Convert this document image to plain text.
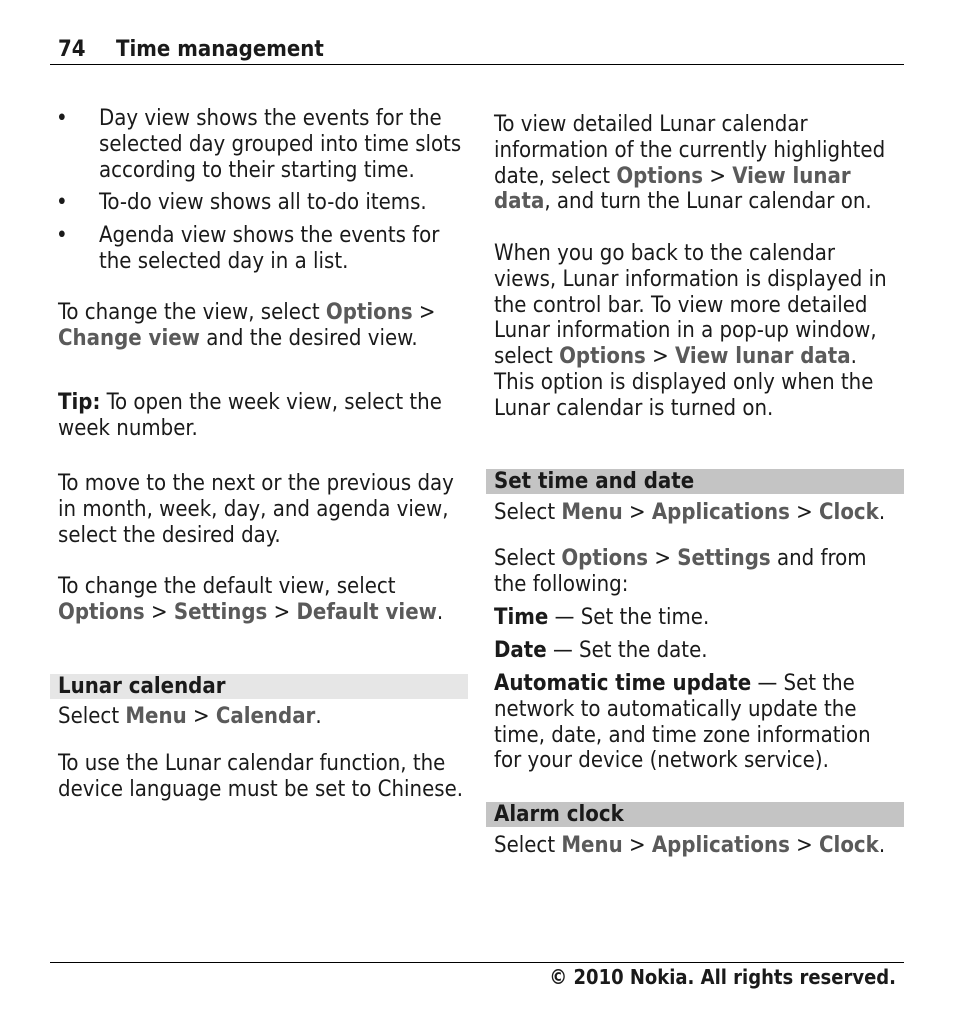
74 Time management
• Day view shows the events for the selected day grouped into time slots according to their starting time.
• To-do view shows all to-do items.
• Agenda view shows the events for the selected day in a list.

To change the view, select Options > Change view and the desired view.

Tip: To open the week view, select the week number.

To move to the next or the previous day in month, week, day, and agenda view, select the desired day.

To change the default view, select Options > Settings > Default view.

Lunar calendar

Select Menu > Calendar.

To use the Lunar calendar function, the device language must be set to Chinese.

To view detailed Lunar calendar information of the currently highlighted date, select Options > View lunar data, and turn the Lunar calendar on.

When you go back to the calendar views, Lunar information is displayed in the control bar. To view more detailed Lunar information in a pop-up window, select Options > View lunar data. This option is displayed only when the Lunar calendar is turned on.

Set time and date

Select Menu > Applications > Clock.

Select Options > Settings and from the following:

Time — Set the time.

Date — Set the date.

Automatic time update — Set the network to automatically update the time, date, and time zone information for your device (network service).

Alarm clock

Select Menu > Applications > Clock.

© 2010 Nokia. All rights reserved.
